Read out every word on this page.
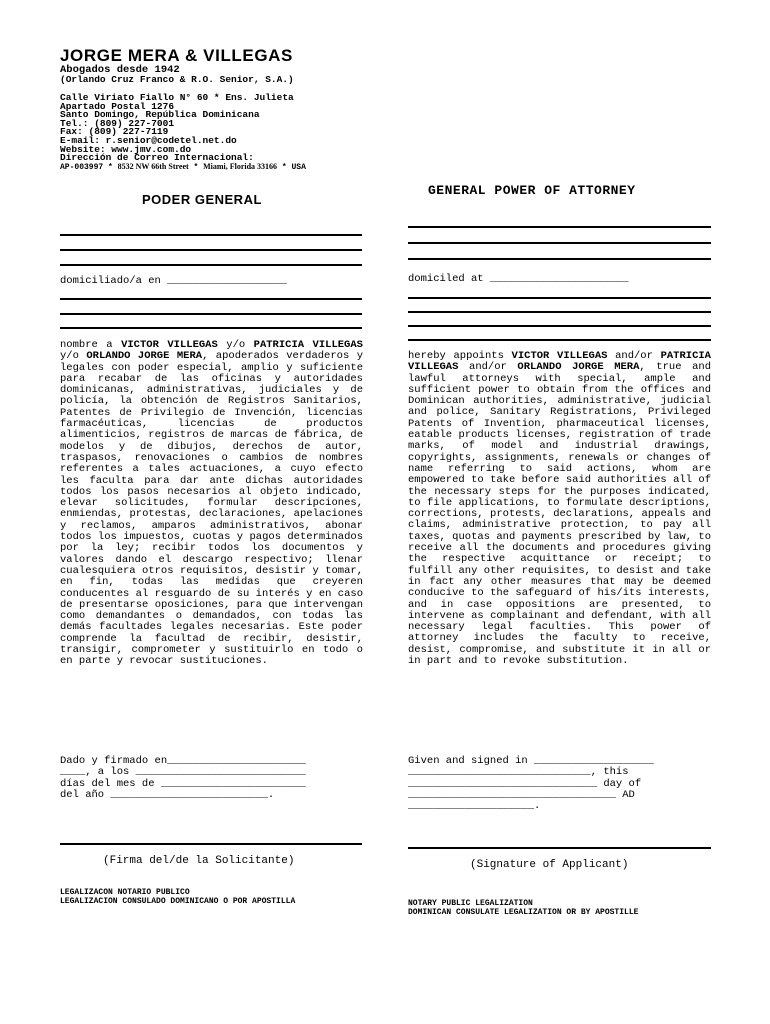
JORGE MERA & VILLEGAS
Abogados desde 1942
(Orlando Cruz Franco & R.O. Senior, S.A.)
Calle Viriato Fiallo N° 60 * Ens. Julieta
Apartado Postal 1276
Santo Domingo, República Dominicana
Tel.: (809) 227-7001
Fax: (809) 227-7119
E-mail: r.senior@codetel.net.do
Website: www.jmv.com.do
Dirección de Correo Internacional:
AP-003997 * 8532 NW 66th Street * Miami, Florida 33166 * USA
PODER GENERAL
domiciliado/a en ___________________
nombre a VICTOR VILLEGAS y/o PATRICIA VILLEGAS y/o ORLANDO JORGE MERA, apoderados verdaderos y legales con poder especial, amplio y suficiente para recabar de las oficinas y autoridades dominicanas, administrativas, judiciales y de policía, la obtención de Registros Sanitarios, Patentes de Privilegio de Invención, licencias farmacéuticas, licencias de productos alimenticios, registros de marcas de fábrica, de modelos y de dibujos, derechos de autor, traspasos, renovaciones o cambios de nombres referentes a tales actuaciones, a cuyo efecto les faculta para dar ante dichas autoridades todos los pasos necesarios al objeto indicado, elevar solicitudes, formular descripciones, enmiendas, protestas, declaraciones, apelaciones y reclamos, amparos administrativos, abonar todos los impuestos, cuotas y pagos determinados por la ley; recibir todos los documentos y valores dando el descargo respectivo; llenar cualesquiera otros requisitos, desistir y tomar, en fin, todas las medidas que creyeren conducentes al resguardo de su interés y en caso de presentarse oposiciones, para que intervengan como demandantes o demandados, con todas las demás facultades legales necesarias. Este poder comprende la facultad de recibir, desistir, transigir, comprometer y sustituirlo en todo o en parte y revocar sustituciones.
Dado y firmado en______________________
____, a los ___________________________
días del mes de _______________________
del año _________________________.
(Firma del/de la Solicitante)
LEGALIZACON NOTARIO PUBLICO
LEGALIZACION CONSULADO DOMINICANO O POR APOSTILLA
GENERAL POWER OF ATTORNEY
domiciled at ______________________
hereby appoints VICTOR VILLEGAS and/or PATRICIA VILLEGAS and/or ORLANDO JORGE MERA, true and lawful attorneys with special, ample and sufficient power to obtain from the offices and Dominican authorities, administrative, judicial and police, Sanitary Registrations, Privileged Patents of Invention, pharmaceutical licenses, eatable products licenses, registration of trade marks, of model and industrial drawings, copyrights, assignments, renewals or changes of name referring to said actions, whom are empowered to take before said authorities all of the necessary steps for the purposes indicated, to file applications, to formulate descriptions, corrections, protests, declarations, appeals and claims, administrative protection, to pay all taxes, quotas and payments prescribed by law, to receive all the documents and procedures giving the respective acquittance or receipt; to fulfill any other requisites, to desist and take in fact any other measures that may be deemed conducive to the safeguard of his/its interests, and in case oppositions are presented, to intervene as complainant and defendant, with all necessary legal faculties. This power of attorney includes the faculty to receive, desist, compromise, and substitute it in all or in part and to revoke substitution.
Given and signed in ___________________
_____________________________, this
______________________________ day of
_________________________________ AD
____________________.
(Signature of Applicant)
NOTARY PUBLIC LEGALIZATION
DOMINICAN CONSULATE LEGALIZATION OR BY APOSTILLE
